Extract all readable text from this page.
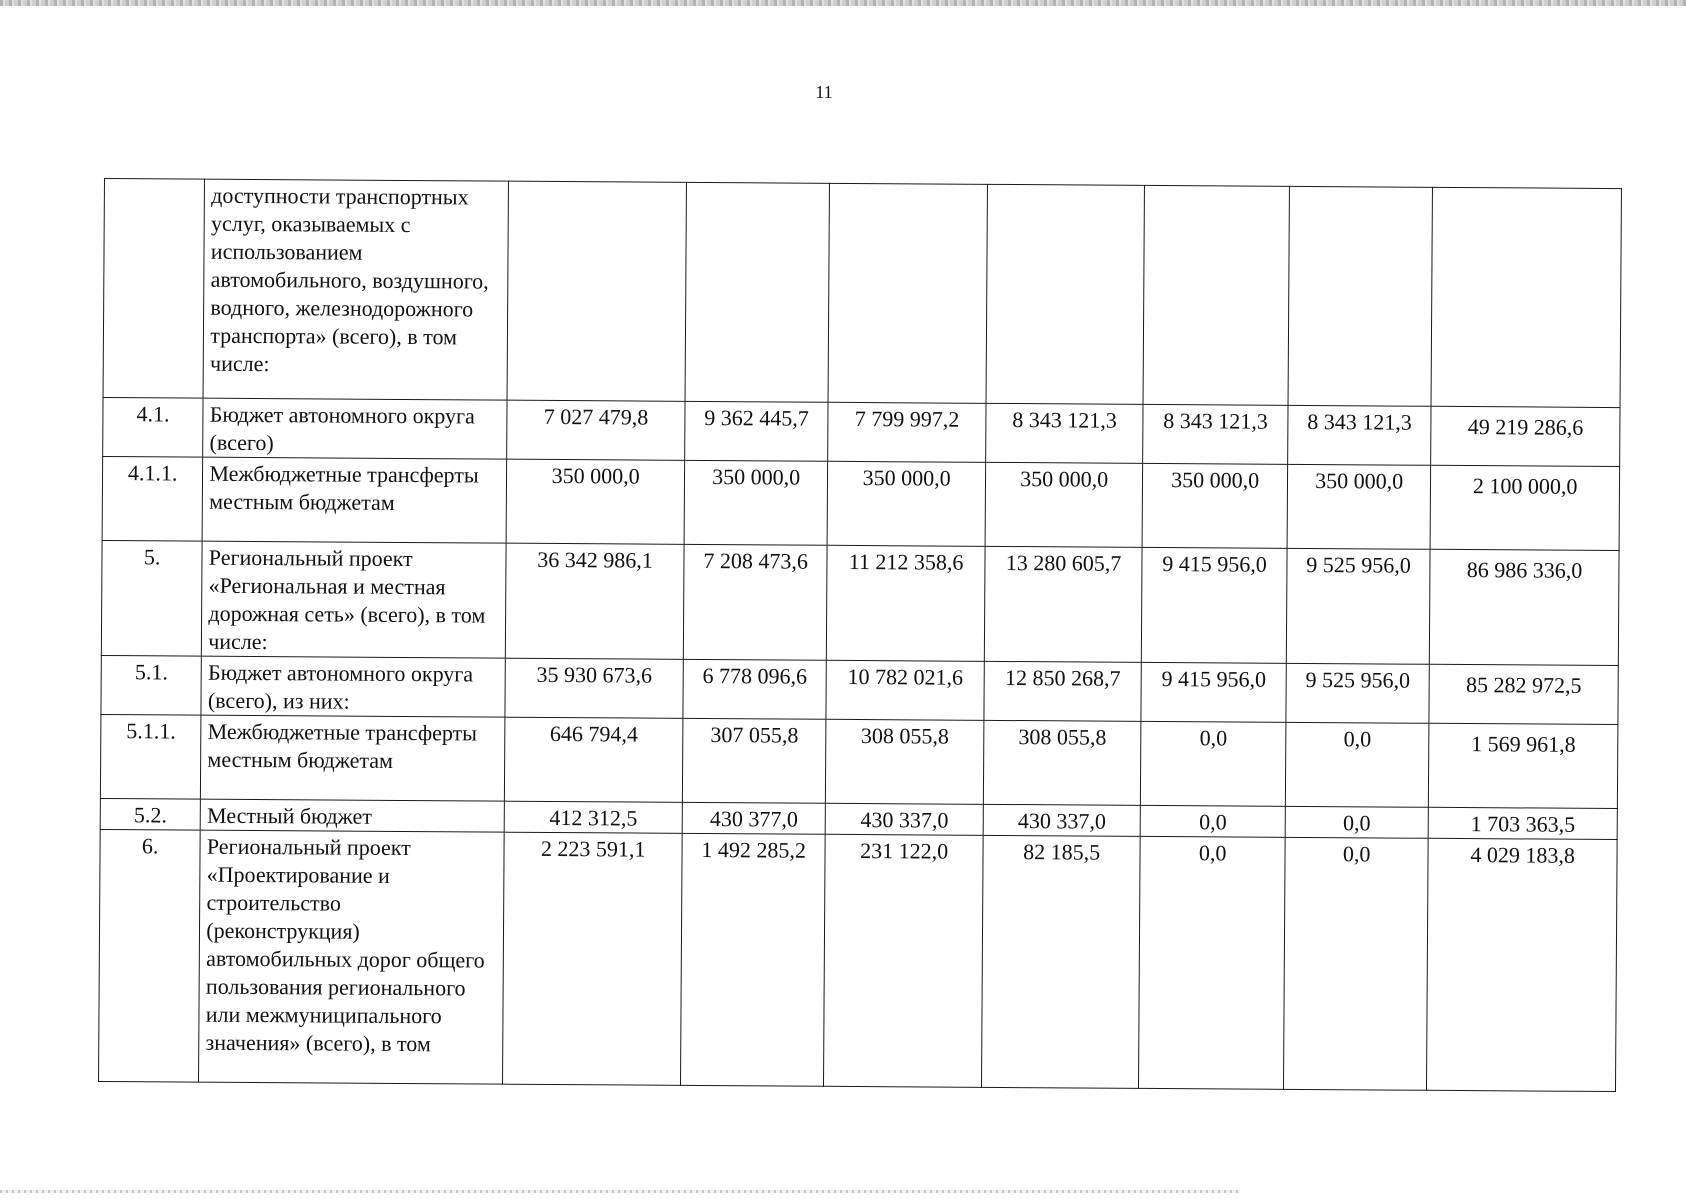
11
	доступности транспортных услуг, оказываемых с использованием автомобильного, воздушного, водного, железнодорожного транспорта» (всего), в том числе:							
4.1.	Бюджет автономного округа (всего)	7 027 479,8	9 362 445,7	7 799 997,2	8 343 121,3	8 343 121,3	8 343 121,3	49 219 286,6
4.1.1.	Межбюджетные трансферты местным бюджетам	350 000,0	350 000,0	350 000,0	350 000,0	350 000,0	350 000,0	2 100 000,0
5.	Региональный проект «Региональная и местная дорожная сеть» (всего), в том числе:	36 342 986,1	7 208 473,6	11 212 358,6	13 280 605,7	9 415 956,0	9 525 956,0	86 986 336,0
5.1.	Бюджет автономного округа (всего), из них:	35 930 673,6	6 778 096,6	10 782 021,6	12 850 268,7	9 415 956,0	9 525 956,0	85 282 972,5
5.1.1.	Межбюджетные трансферты местным бюджетам	646 794,4	307 055,8	308 055,8	308 055,8	0,0	0,0	1 569 961,8
5.2.	Местный бюджет	412 312,5	430 377,0	430 337,0	430 337,0	0,0	0,0	1 703 363,5
6.	Региональный проект «Проектирование и строительство (реконструкция) автомобильных дорог общего пользования регионального или межмуниципального значения» (всего), в том	2 223 591,1	1 492 285,2	231 122,0	82 185,5	0,0	0,0	4 029 183,8
